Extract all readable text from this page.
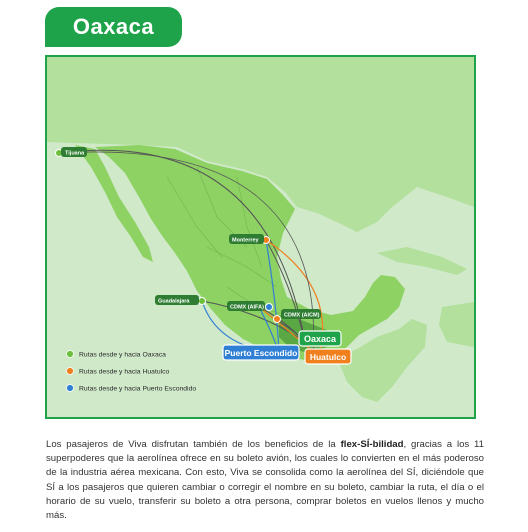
Oaxaca
Tijuana
Monterrey
Guadalajara
CDMX (AIFA)
CDMX (AICM)
Oaxaca
Puerto Escondido Huatulco
Rutas desde y hacia Oaxaca
Rutas desde y hacia Huatulco
Rutas desde y hacia Puerto Escondido
Los pasajeros de Viva disfrutan también de los beneficios de la flex-SÍ-bilidad, gracias a los 11 superpoderes que la aerolínea ofrece en su boleto avión, los cuales lo convierten en el más poderoso de la industria aérea mexicana. Con esto, Viva se consolida como la aerolínea del SÍ, diciéndole que SÍ a los pasajeros que quieren cambiar o corregir el nombre en su boleto, cambiar la ruta, el día o el horario de su vuelo, transferir su boleto a otra persona, comprar boletos en vuelos llenos y mucho más.
